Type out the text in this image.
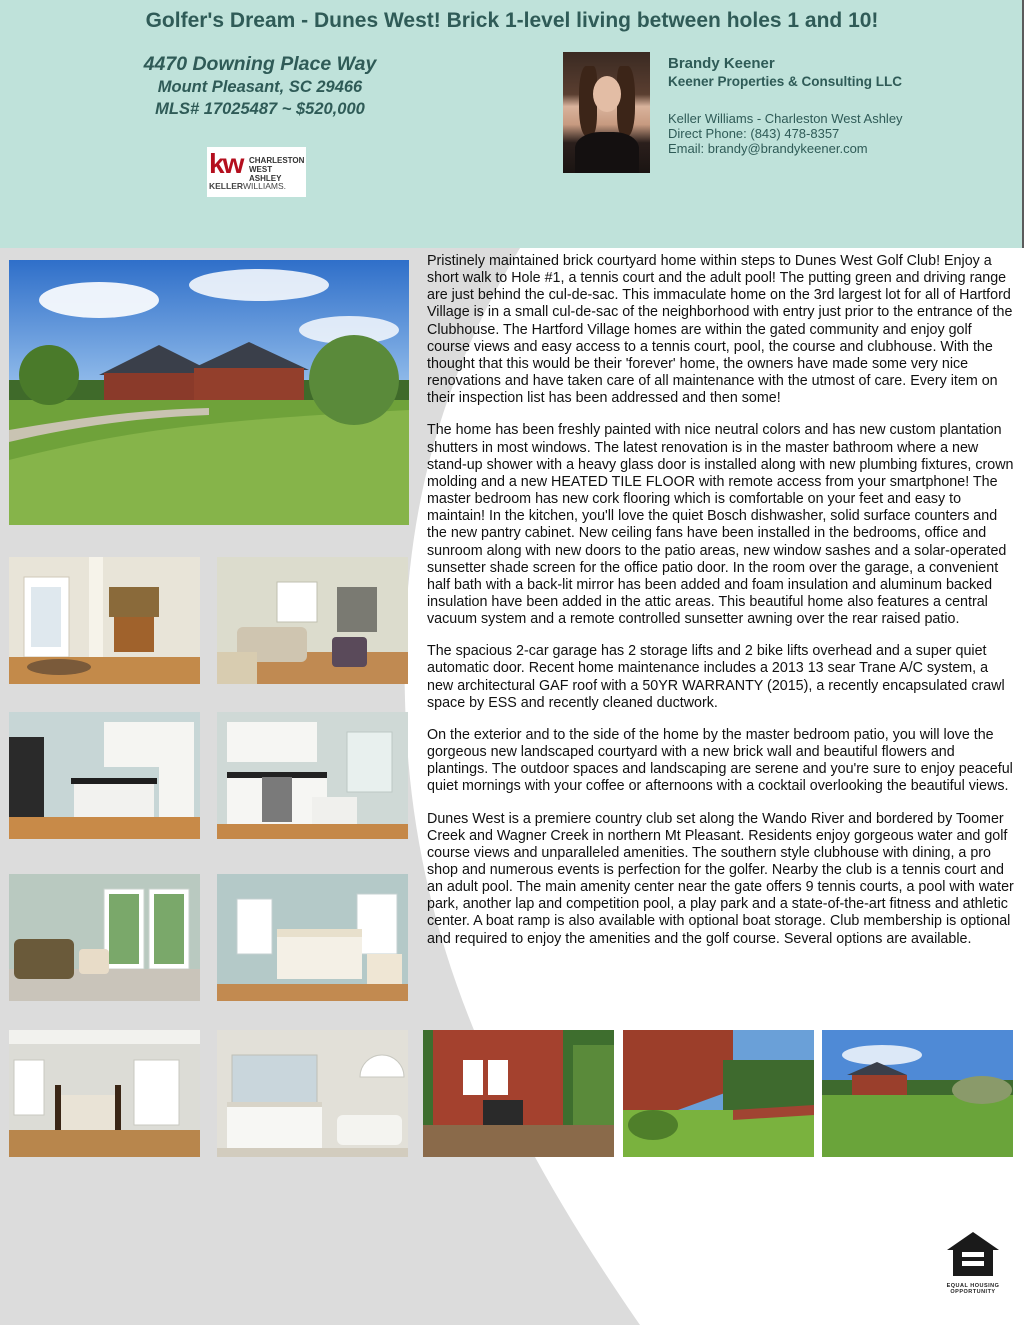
Golfer's Dream - Dunes West! Brick 1-level living between holes 1 and 10!
4470 Downing Place Way
Mount Pleasant, SC 29466
MLS# 17025487 ~ $520,000
kw CHARLESTON
WEST ASHLEY
KELLERWILLIAMS.
Brandy Keener
Keener Properties & Consulting LLC
Keller Williams - Charleston West Ashley
Direct Phone: (843) 478-8357
Email: brandy@brandykeener.com

Pristinely maintained brick courtyard home within steps to Dunes West Golf Club! Enjoy a short walk to Hole #1, a tennis court and the adult pool! The putting green and driving range are just behind the cul-de-sac. This immaculate home on the 3rd largest lot for all of Hartford Village is in a small cul-de-sac of the neighborhood with entry just prior to the entrance of the Clubhouse. The Hartford Village homes are within the gated community and enjoy golf course views and easy access to a tennis court, pool, the course and clubhouse. With the thought that this would be their 'forever' home, the owners have made some very nice renovations and have taken care of all maintenance with the utmost of care. Every item on their inspection list has been addressed and then some!

The home has been freshly painted with nice neutral colors and has new custom plantation shutters in most windows. The latest renovation is in the master bathroom where a new stand-up shower with a heavy glass door is installed along with new plumbing fixtures, crown molding and a new HEATED TILE FLOOR with remote access from your smartphone! The master bedroom has new cork flooring which is comfortable on your feet and easy to maintain! In the kitchen, you'll love the quiet Bosch dishwasher, solid surface counters and the new pantry cabinet. New ceiling fans have been installed in the bedrooms, office and sunroom along with new doors to the patio areas, new window sashes and a solar-operated sunsetter shade screen for the office patio door. In the room over the garage, a convenient half bath with a back-lit mirror has been added and foam insulation and aluminum backed insulation have been added in the attic areas. This beautiful home also features a central vacuum system and a remote controlled sunsetter awning over the rear raised patio.

The spacious 2-car garage has 2 storage lifts and 2 bike lifts overhead and a super quiet automatic door. Recent home maintenance includes a 2013 13 sear Trane A/C system, a new architectural GAF roof with a 50YR WARRANTY (2015), a recently encapsulated crawl space by ESS and recently cleaned ductwork.

On the exterior and to the side of the home by the master bedroom patio, you will love the gorgeous new landscaped courtyard with a new brick wall and beautiful flowers and plantings. The outdoor spaces and landscaping are serene and you're sure to enjoy peaceful quiet mornings with your coffee or afternoons with a cocktail overlooking the beautiful views.

Dunes West is a premiere country club set along the Wando River and bordered by Toomer Creek and Wagner Creek in northern Mt Pleasant. Residents enjoy gorgeous water and golf course views and unparalleled amenities. The southern style clubhouse with dining, a pro shop and numerous events is perfection for the golfer. Nearby the club is a tennis court and an adult pool. The main amenity center near the gate offers 9 tennis courts, a pool with water park, another lap and competition pool, a play park and a state-of-the-art fitness and athletic center. A boat ramp is also available with optional boat storage. Club membership is optional and required to enjoy the amenities and the golf course. Several options are available.

EQUAL HOUSING
OPPORTUNITY
